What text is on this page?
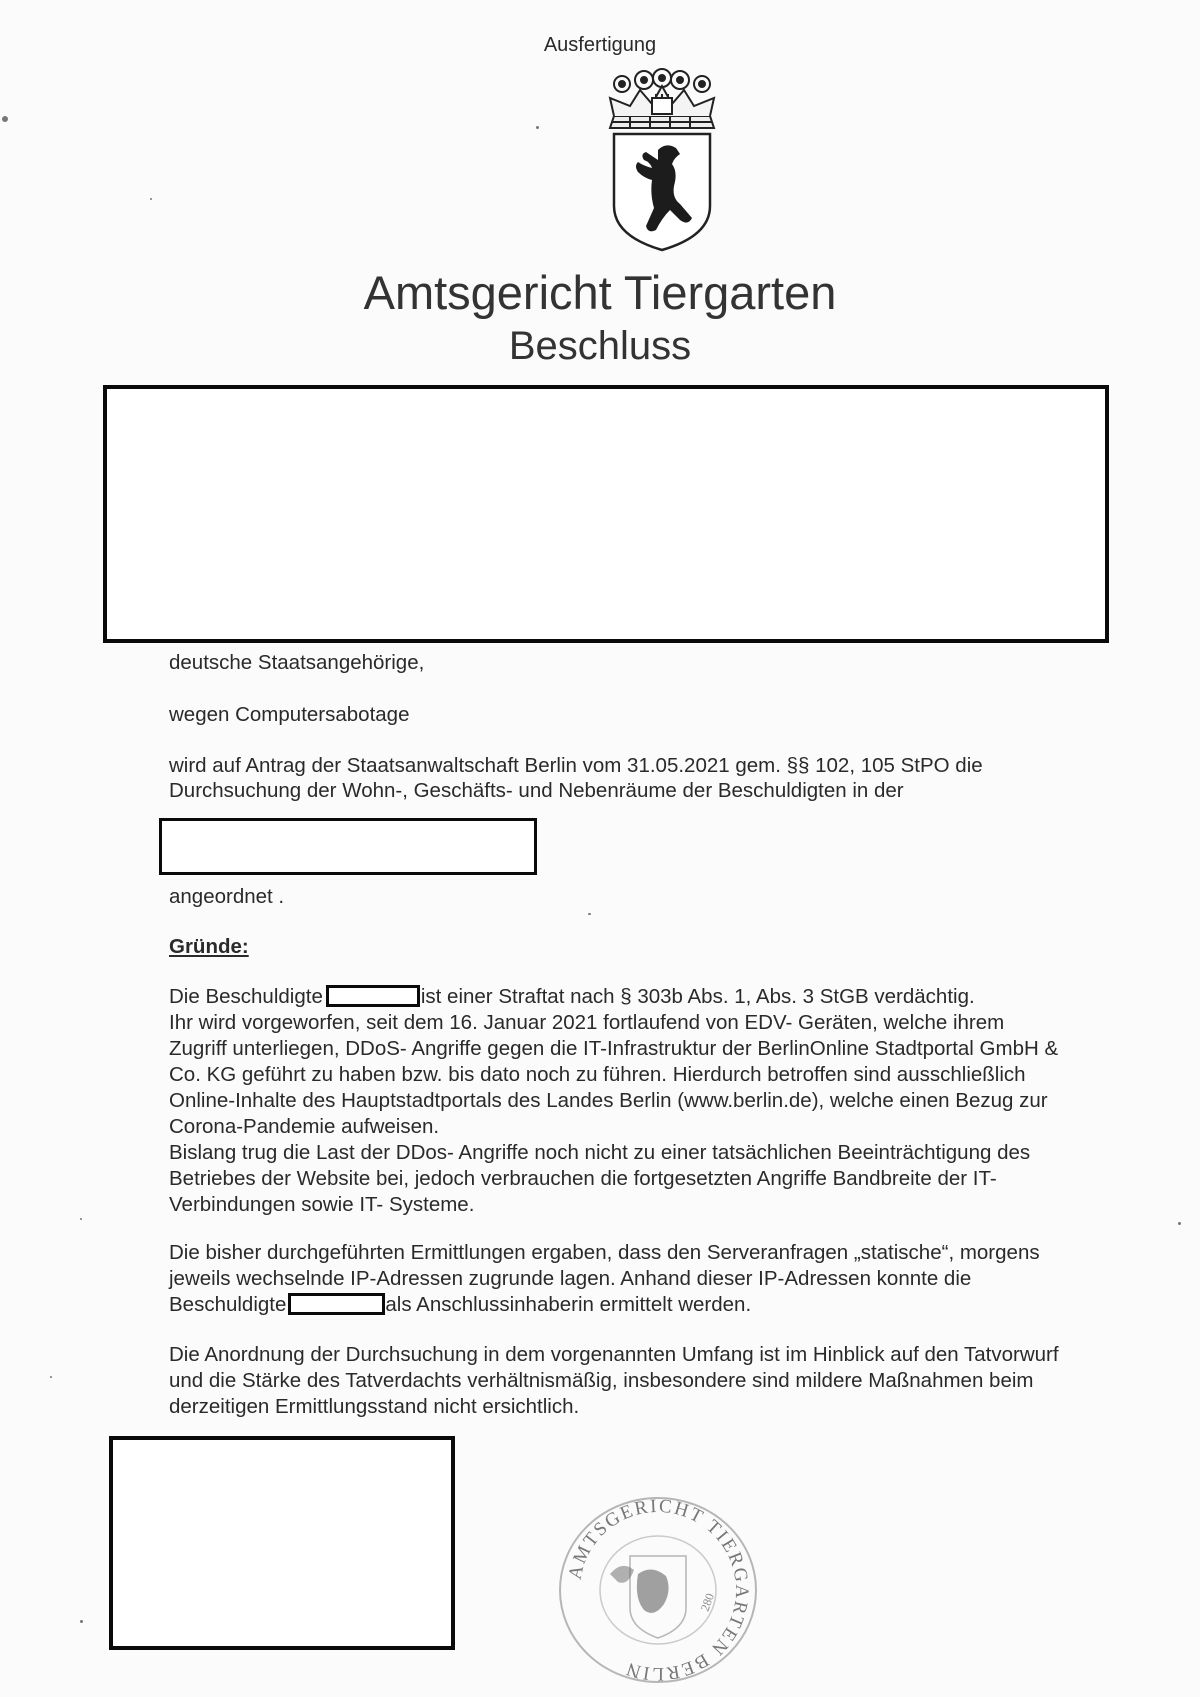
Ausfertigung
Amtsgericht Tiergarten
Beschluss
deutsche Staatsangehörige,
wegen Computersabotage
wird auf Antrag der Staatsanwaltschaft Berlin vom 31.05.2021 gem. §§ 102, 105 StPO die
Durchsuchung der Wohn-, Geschäfts- und Nebenräume der Beschuldigten in der
angeordnet .
Gründe:
Die Beschuldigte	ist einer Straftat nach § 303b Abs. 1, Abs. 3 StGB verdächtig.
Ihr wird vorgeworfen, seit dem 16. Januar 2021 fortlaufend von EDV- Geräten, welche ihrem
Zugriff unterliegen, DDoS- Angriffe gegen die IT-Infrastruktur der BerlinOnline Stadtportal GmbH &
Co. KG geführt zu haben bzw. bis dato noch zu führen. Hierdurch betroffen sind ausschließlich
Online-Inhalte des Hauptstadtportals des Landes Berlin (www.berlin.de), welche einen Bezug zur
Corona-Pandemie aufweisen.
Bislang trug die Last der DDos- Angriffe noch nicht zu einer tatsächlichen Beeinträchtigung des
Betriebes der Website bei, jedoch verbrauchen die fortgesetzten Angriffe Bandbreite der IT-
Verbindungen sowie IT- Systeme.
Die bisher durchgeführten Ermittlungen ergaben, dass den Serveranfragen „statische“, morgens
jeweils wechselnde IP-Adressen zugrunde lagen. Anhand dieser IP-Adressen konnte die
Beschuldigte	als Anschlussinhaberin ermittelt werden.
Die Anordnung der Durchsuchung in dem vorgenannten Umfang ist im Hinblick auf den Tatvorwurf
und die Stärke des Tatverdachts verhältnismäßig, insbesondere sind mildere Maßnahmen beim
derzeitigen Ermittlungsstand nicht ersichtlich.
AMTSGERICHT TIERGARTEN BERLIN
280
